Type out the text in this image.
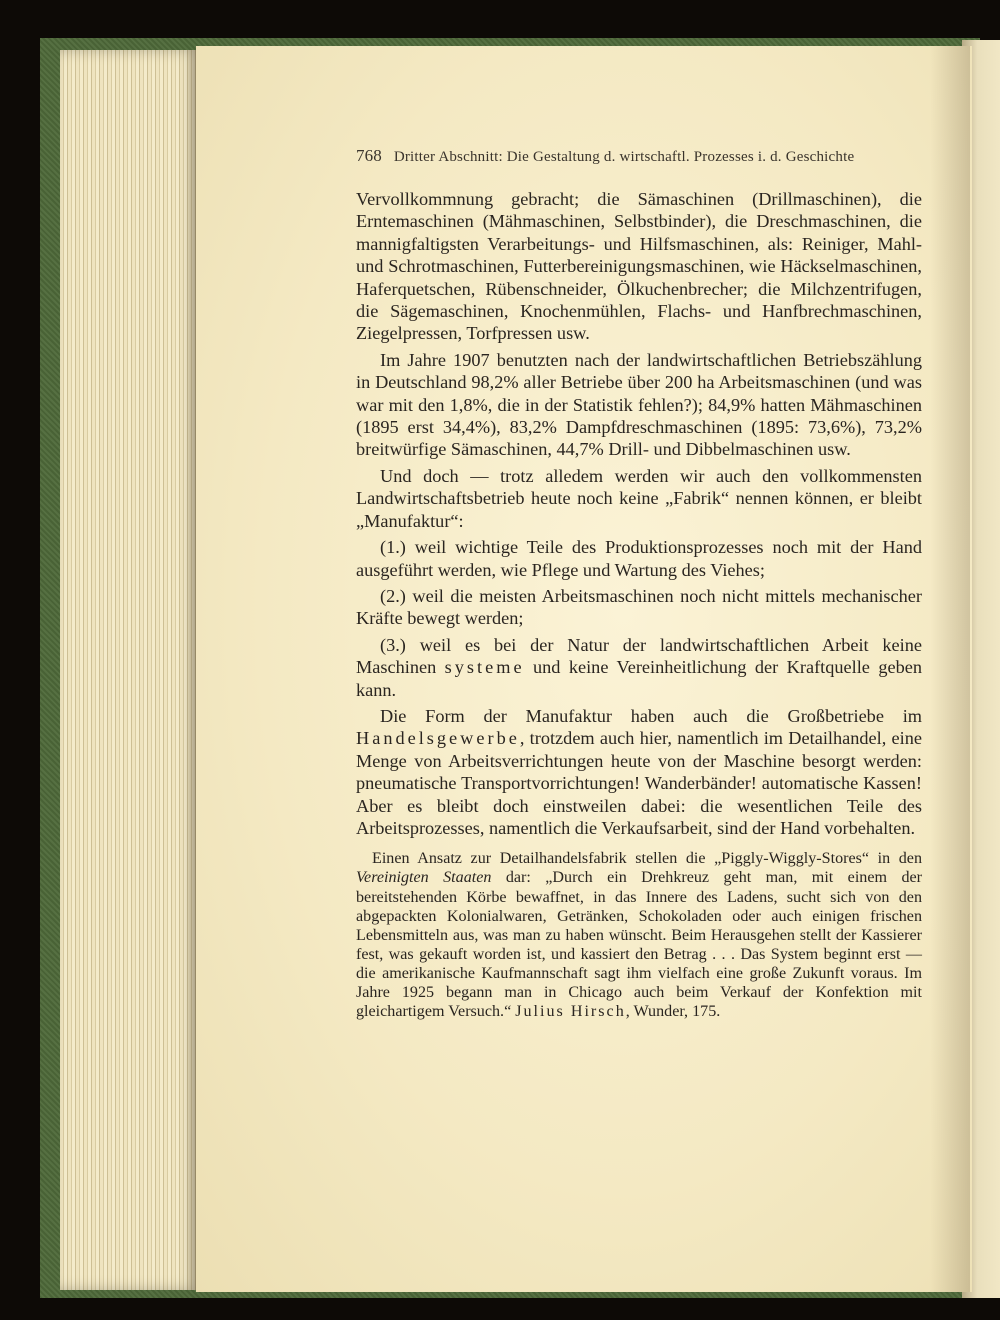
768 Dritter Abschnitt: Die Gestaltung d. wirtschaftl. Prozesses i. d. Geschichte

Vervollkommnung gebracht; die Sämaschinen (Drillmaschinen), die Erntemaschinen (Mähmaschinen, Selbstbinder), die Dreschmaschinen, die mannigfaltigsten Verarbeitungs- und Hilfsmaschinen, als: Reiniger, Mahl- und Schrotmaschinen, Futterbereinigungsmaschinen, wie Häckselmaschinen, Haferquetschen, Rübenschneider, Ölkuchenbrecher; die Milchzentrifugen, die Sägemaschinen, Knochenmühlen, Flachs- und Hanfbrechmaschinen, Ziegelpressen, Torfpressen usw.

Im Jahre 1907 benutzten nach der landwirtschaftlichen Betriebszählung in Deutschland 98,2% aller Betriebe über 200 ha Arbeitsmaschinen (und was war mit den 1,8%, die in der Statistik fehlen?); 84,9% hatten Mähmaschinen (1895 erst 34,4%), 83,2% Dampfdreschmaschinen (1895: 73,6%), 73,2% breitwürfige Sämaschinen, 44,7% Drill- und Dibbelmaschinen usw.

Und doch — trotz alledem werden wir auch den vollkommensten Landwirtschaftsbetrieb heute noch keine „Fabrik“ nennen können, er bleibt „Manufaktur“:

(1.) weil wichtige Teile des Produktionsprozesses noch mit der Hand ausgeführt werden, wie Pflege und Wartung des Viehes;

(2.) weil die meisten Arbeitsmaschinen noch nicht mittels mechanischer Kräfte bewegt werden;

(3.) weil es bei der Natur der landwirtschaftlichen Arbeit keine Maschinen systeme und keine Vereinheitlichung der Kraftquelle geben kann.

Die Form der Manufaktur haben auch die Großbetriebe im Handelsgewerbe, trotzdem auch hier, namentlich im Detailhandel, eine Menge von Arbeitsverrichtungen heute von der Maschine besorgt werden: pneumatische Transportvorrichtungen! Wanderbänder! automatische Kassen! Aber es bleibt doch einstweilen dabei: die wesentlichen Teile des Arbeitsprozesses, namentlich die Verkaufsarbeit, sind der Hand vorbehalten.

Einen Ansatz zur Detailhandelsfabrik stellen die „Piggly-Wiggly-Stores“ in den Vereinigten Staaten dar: „Durch ein Drehkreuz geht man, mit einem der bereitstehenden Körbe bewaffnet, in das Innere des Ladens, sucht sich von den abgepackten Kolonialwaren, Getränken, Schokoladen oder auch einigen frischen Lebensmitteln aus, was man zu haben wünscht. Beim Herausgehen stellt der Kassierer fest, was gekauft worden ist, und kassiert den Betrag . . . Das System beginnt erst — die amerikanische Kaufmannschaft sagt ihm vielfach eine große Zukunft voraus. Im Jahre 1925 begann man in Chicago auch beim Verkauf der Konfektion mit gleichartigem Versuch.“ Julius Hirsch, Wunder, 175.
